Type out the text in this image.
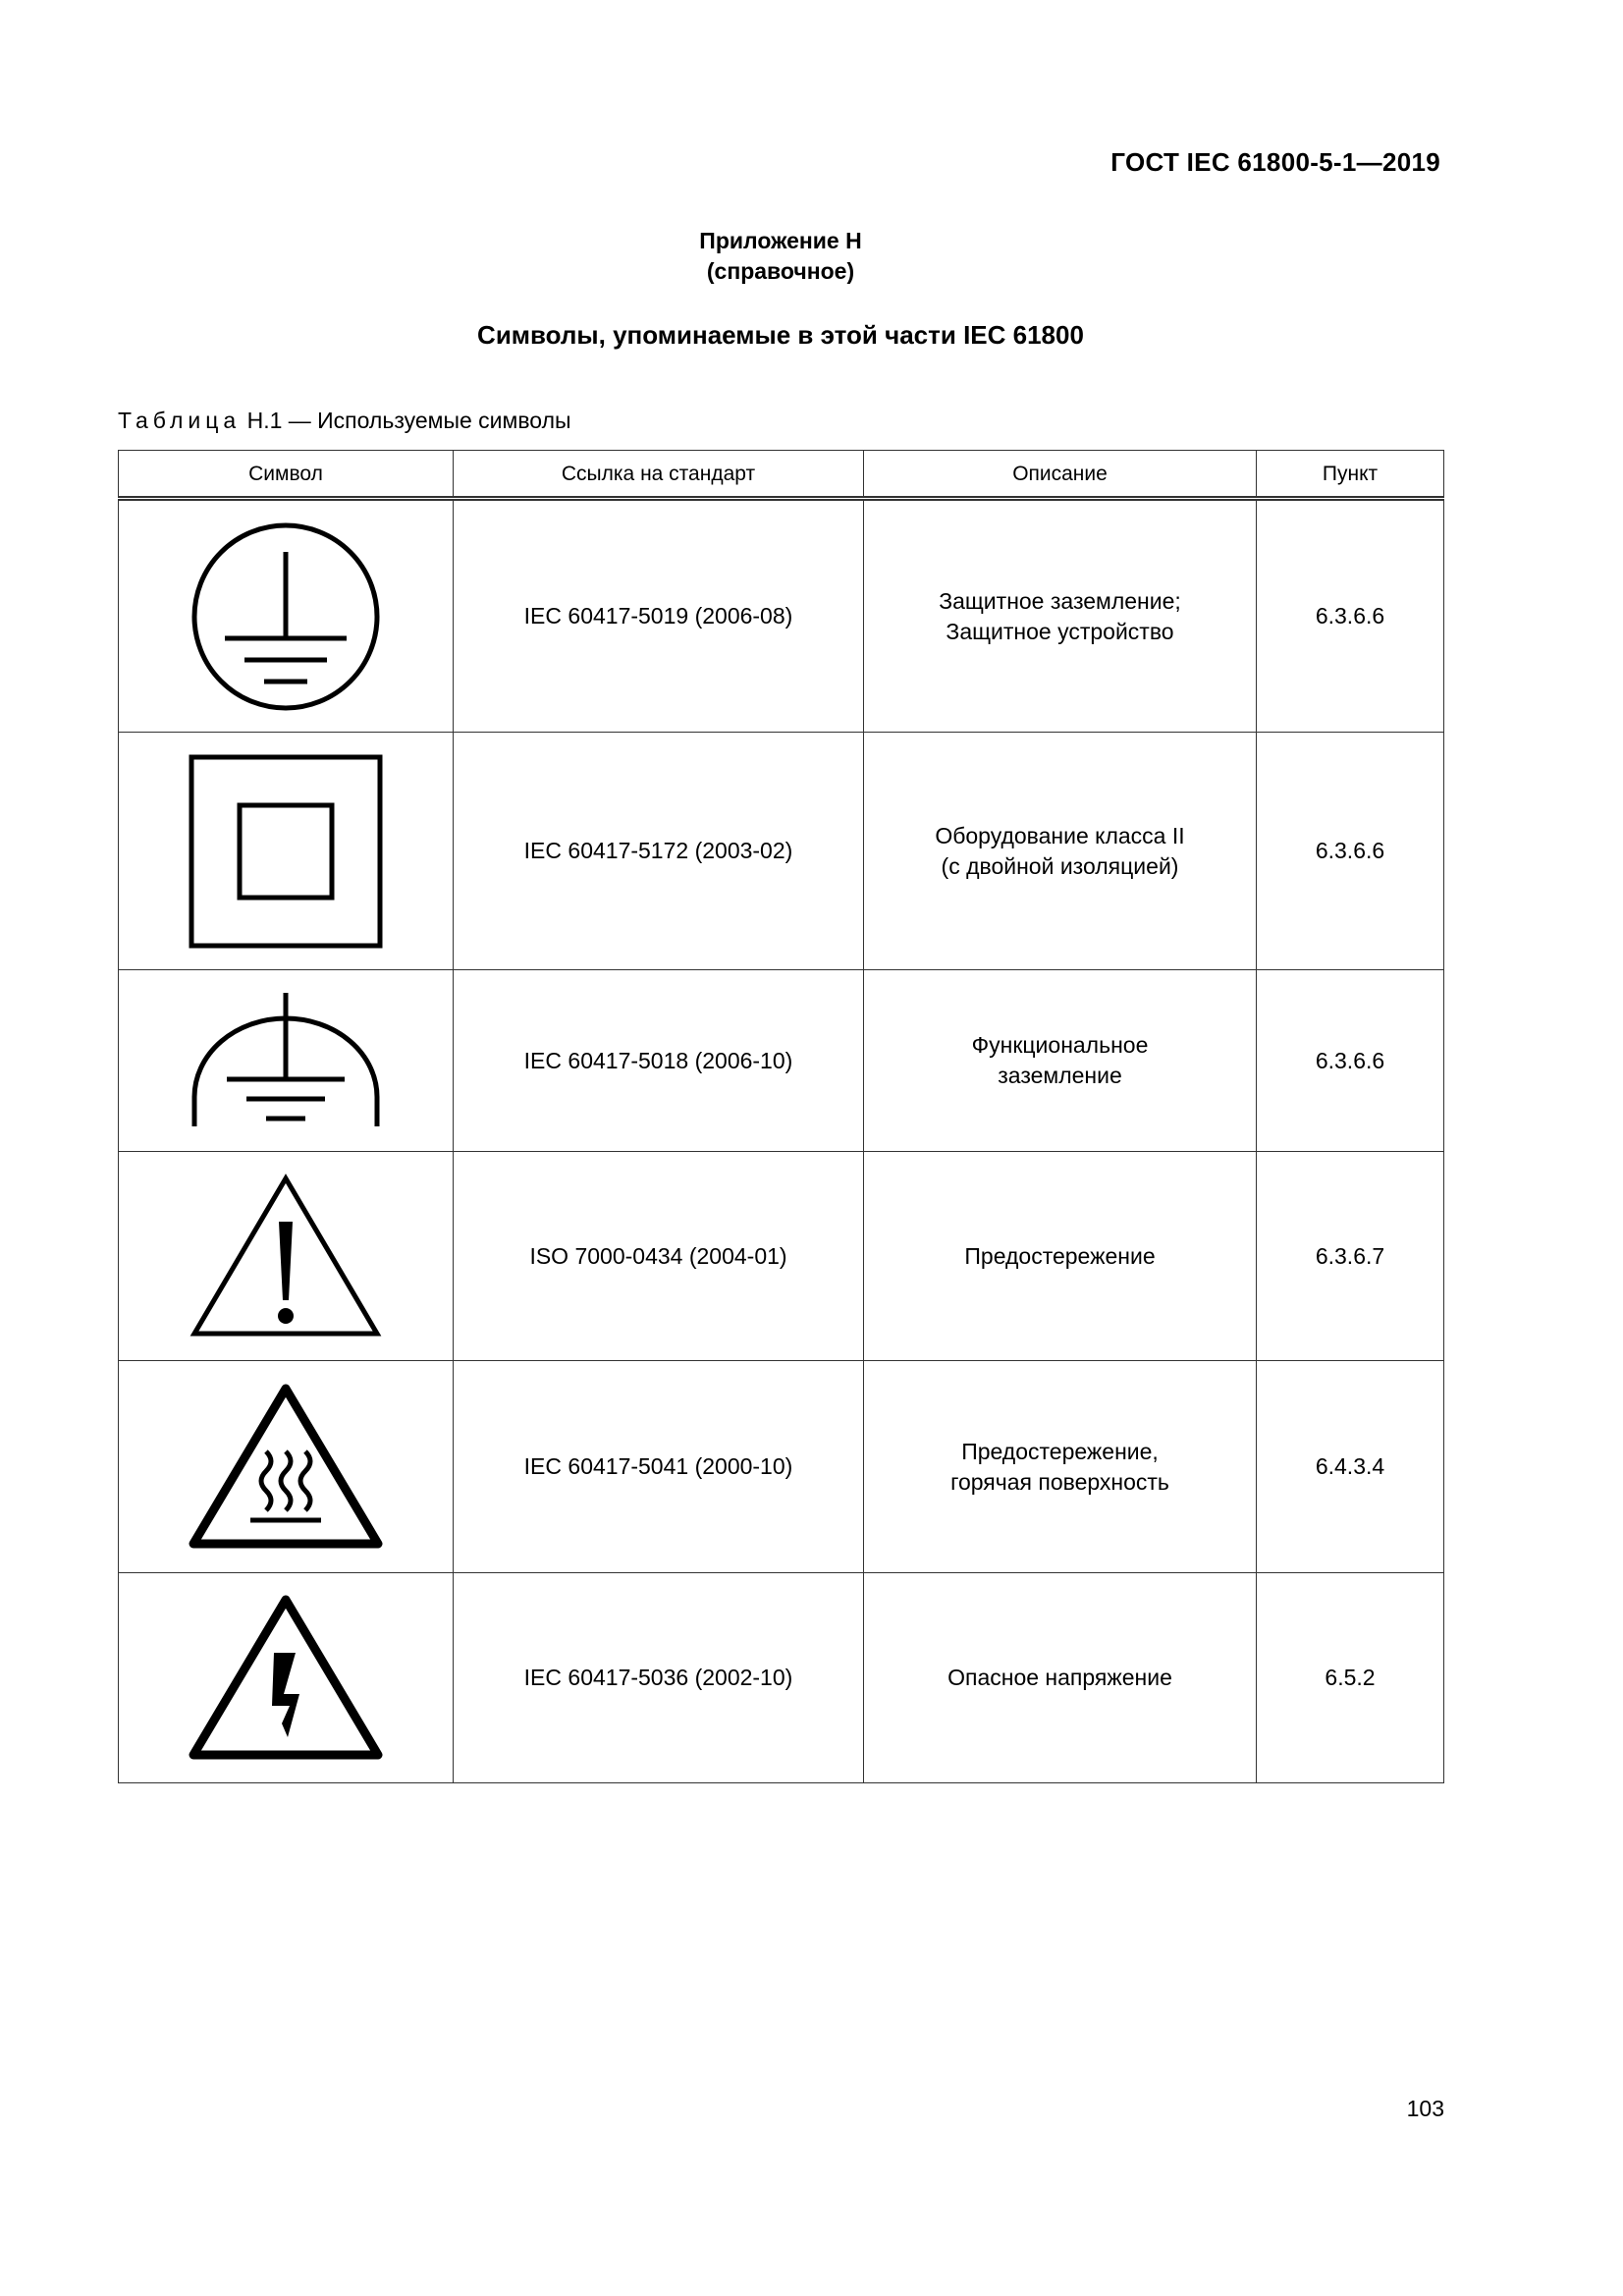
ГОСТ IEC 61800-5-1—2019
Приложение Н
(справочное)
Символы, упоминаемые в этой части IEC 61800
Таблица Н.1 — Используемые символы
Символ	Ссылка на стандарт	Описание	Пункт

	IEC 60417-5019 (2006-08)	Защитное заземление;
Защитное устройство	6.3.6.6

	IEC 60417-5172 (2003-02)	Оборудование класса II
(с двойной изоляцией)	6.3.6.6

	IEC 60417-5018 (2006-10)	Функциональное
заземление	6.3.6.6

	ISO 7000-0434 (2004-01)	Предостережение	6.3.6.7

	IEC 60417-5041 (2000-10)	Предостережение,
горячая поверхность	6.4.3.4

	IEC 60417-5036 (2002-10)	Опасное напряжение	6.5.2
103
